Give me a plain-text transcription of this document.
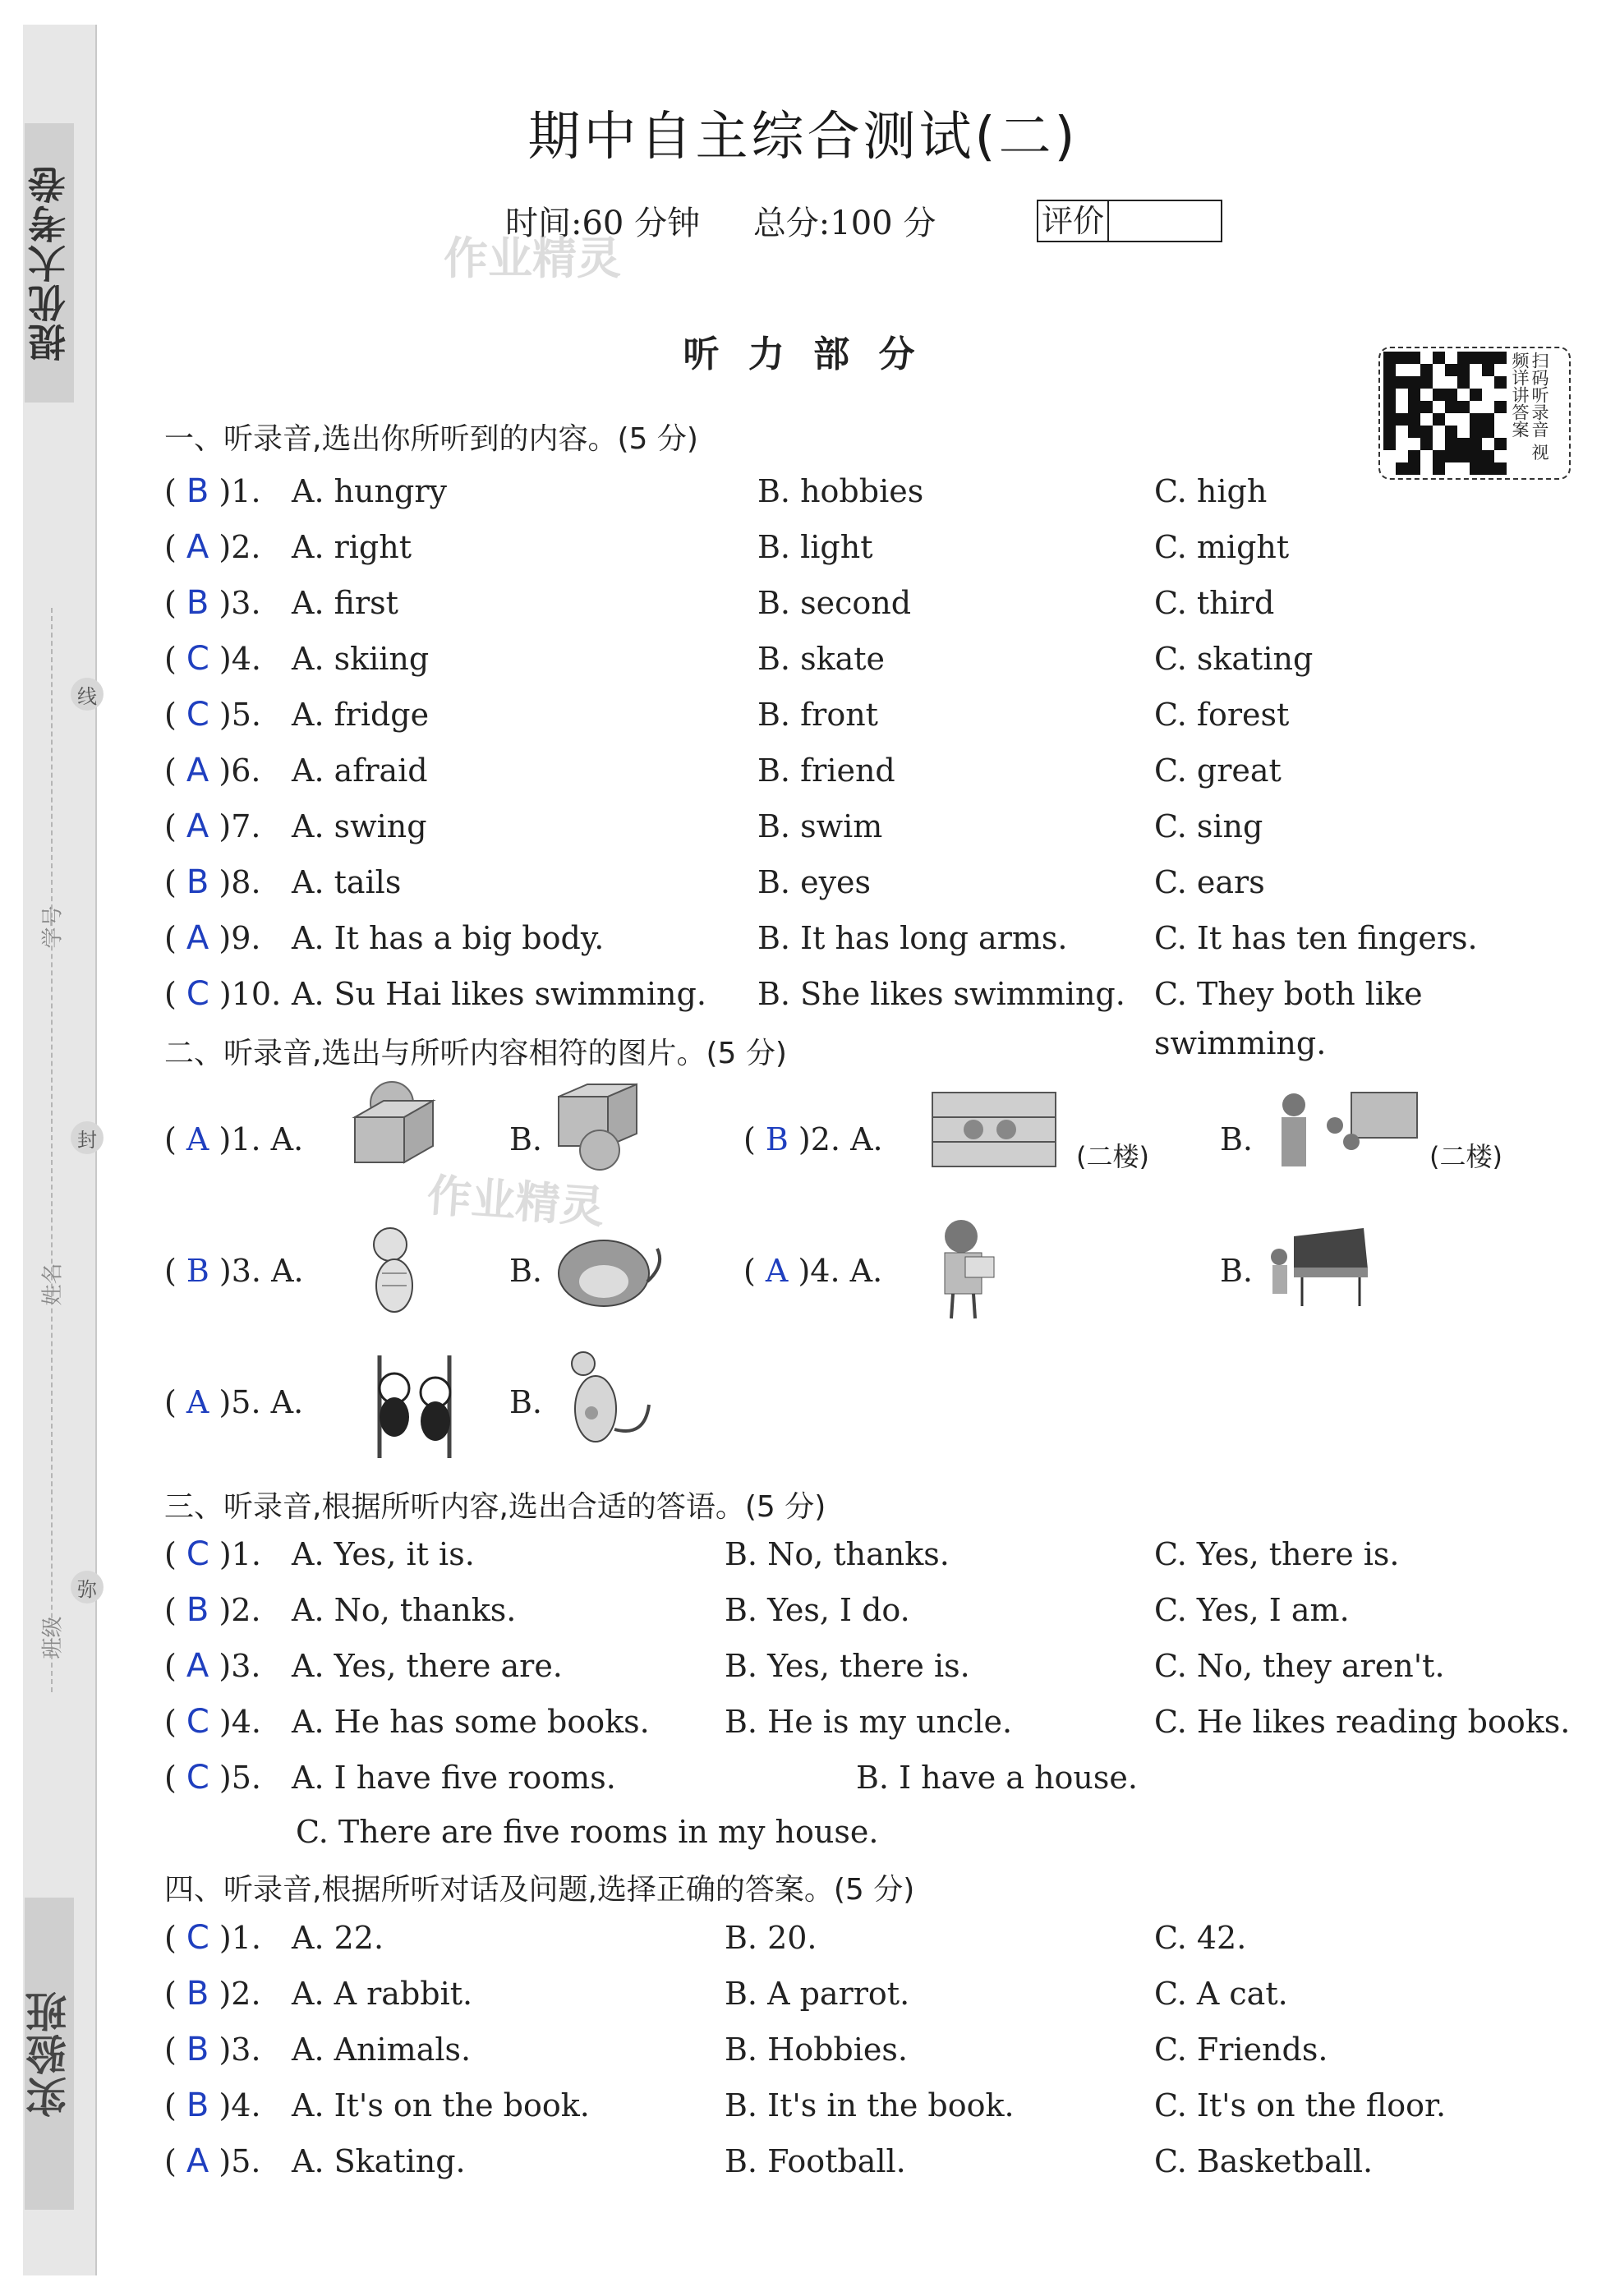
提优大考卷
实验班
线
封
弥
学号
姓名
班级
期中自主综合测试(二)
时间:60 分钟 总分:100 分	评价
作业精灵
作业精灵
听 力 部 分	扫码听录音 视频详讲答案
一、听录音,选出你所听到的内容。(5 分)
( B )1. A. hungry	B. hobbies	C. high
( A )2. A. right	B. light	C. might
( B )3. A. first	B. second	C. third
( C )4. A. skiing	B. skate	C. skating
( C )5. A. fridge	B. front	C. forest
( A )6. A. afraid	B. friend	C. great
( A )7. A. swing	B. swim	C. sing
( B )8. A. tails	B. eyes	C. ears
( A )9. A. It has a big body.	B. It has long arms.	C. It has ten fingers.
( C )10. A. Su Hai likes swimming. B. She likes swimming. C. They both like swimming.
二、听录音,选出与所听内容相符的图片。(5 分)
( A )1. A.	B.	( B )2. A.	(二楼) B.	(二楼)
( B )3. A.	B.	( A )4. A.	B.
( A )5. A.	B.
三、听录音,根据所听内容,选出合适的答语。(5 分)
( C )1. A. Yes, it is.	B. No, thanks.	C. Yes, there is.
( B )2. A. No, thanks.	B. Yes, I do.	C. Yes, I am.
( A )3. A. Yes, there are.	B. Yes, there is.	C. No, they aren't.
( C )4. A. He has some books. B. He is my uncle.	C. He likes reading books.
( C )5. A. I have five rooms.	B. I have a house.
C. There are five rooms in my house.
四、听录音,根据所听对话及问题,选择正确的答案。(5 分)
( C )1. A. 22.	B. 20.	C. 42.
( B )2. A. A rabbit.	B. A parrot.	C. A cat.
( B )3. A. Animals.	B. Hobbies.	C. Friends.
( B )4. A. It's on the book.	B. It's in the book.	C. It's on the floor.
( A )5. A. Skating.	B. Football.	C. Basketball.
